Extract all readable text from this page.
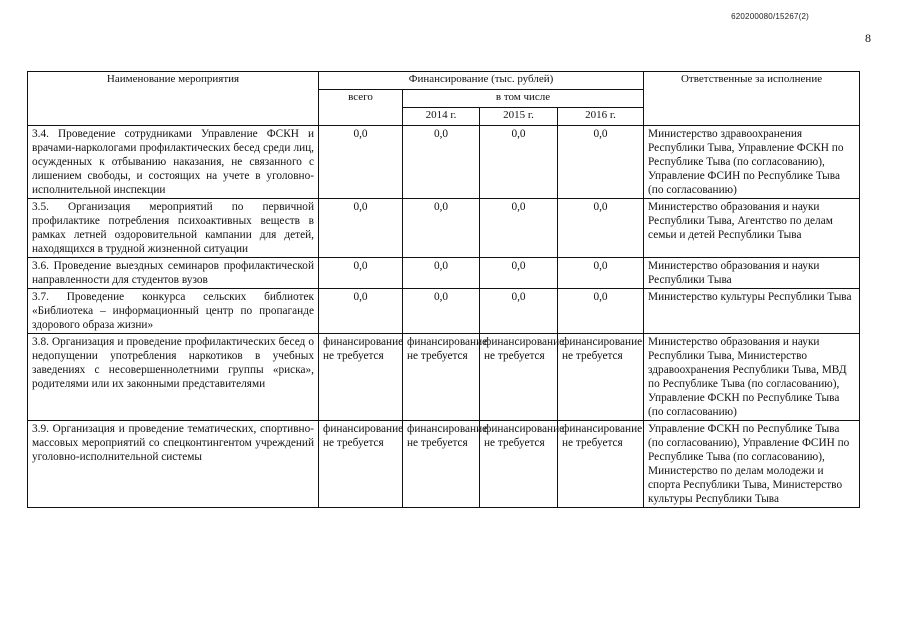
620200080/15267(2)
8
Наименование мероприятия	Финансирование (тыс. рублей)				Ответственные за исполнение
	всего	в том числе			
		2014 г.	2015 г.	2016 г.	
3.4. Проведение сотрудниками Управление ФСКН и врачами-наркологами профилактических бесед среди лиц, осужденных к отбыванию наказания, не связанного с лишением свободы, и состоящих на учете в уголовно-исполнительной инспекции	0,0	0,0	0,0	0,0	Министерство здравоохранения Республики Тыва, Управление ФСКН по Республике Тыва (по согласованию), Управление ФСИН по Республике Тыва (по согласованию)
3.5. Организация мероприятий по первичной профилактике потребления психоактивных веществ в рамках летней оздоровительной кампании для детей, находящихся в трудной жизненной ситуации	0,0	0,0	0,0	0,0	Министерство образования и науки Республики Тыва, Агентство по делам семьи и детей Республики Тыва
3.6. Проведение выездных семинаров профилактической направленности для студентов вузов	0,0	0,0	0,0	0,0	Министерство образования и науки Республики Тыва
3.7. Проведение конкурса сельских библиотек «Библиотека – информационный центр по пропаганде здорового образа жизни»	0,0	0,0	0,0	0,0	Министерство культуры Республики Тыва
3.8. Организация и проведение профилактических бесед о недопущении употребления наркотиков в учебных заведениях с несовершеннолетними группы «риска», родителями или их законными представителями	финансирование не требуется	финансирование не требуется	финансирование не требуется	финансирование не требуется	Министерство образования и науки Республики Тыва, Министерство здравоохранения Республики Тыва, МВД по Республике Тыва (по согласованию), Управление ФСКН по Республике Тыва (по согласованию)
3.9. Организация и проведение тематических, спортивно-массовых мероприятий со спецконтингентом учреждений уголовно-исполнительной системы	финансирование не требуется	финансирование не требуется	финансирование не требуется	финансирование не требуется	Управление ФСКН по Республике Тыва (по согласованию), Управление ФСИН по Республике Тыва (по согласованию), Министерство по делам молодежи и спорта Республики Тыва, Министерство культуры Республики Тыва
